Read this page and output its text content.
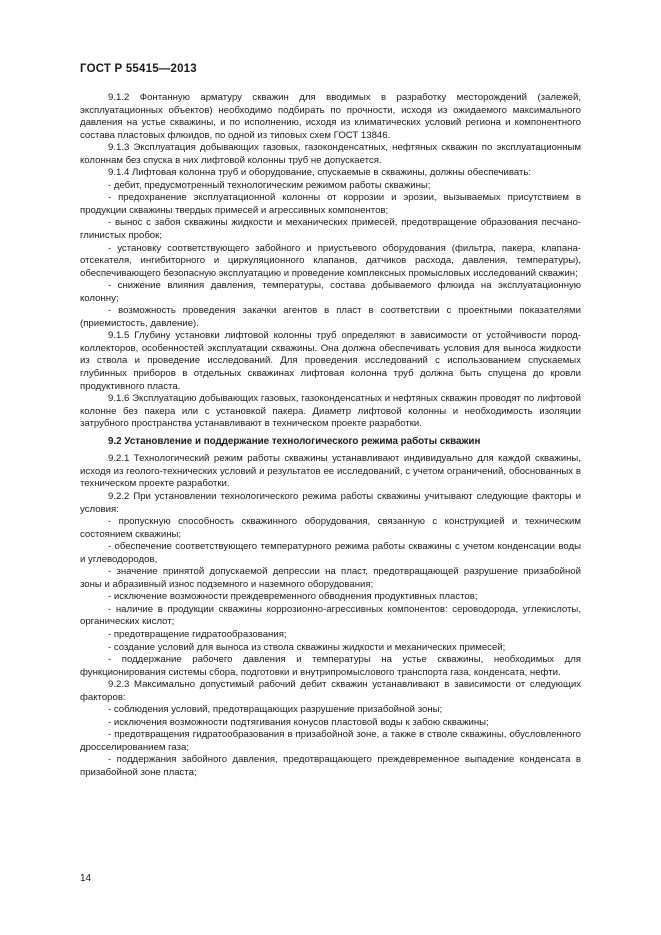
ГОСТ Р 55415—2013

9.1.2 Фонтанную арматуру скважин для вводимых в разработку месторождений (залежей, эксплуатационных объектов) необходимо подбирать по прочности, исходя из ожидаемого максимального давления на устье скважины, и по исполнению, исходя из климатических условий региона и компонентного состава пластовых флюидов, по одной из типовых схем ГОСТ 13846.

9.1.3 Эксплуатация добывающих газовых, газоконденсатных, нефтяных скважин по эксплуатационным колоннам без спуска в них лифтовой колонны труб не допускается.

9.1.4 Лифтовая колонна труб и оборудование, спускаемые в скважины, должны обеспечивать:

- дебит, предусмотренный технологическим режимом работы скважины;

- предохранение эксплуатационной колонны от коррозии и эрозии, вызываемых присутствием в продукции скважины твердых примесей и агрессивных компонентов;

- вынос с забоя скважины жидкости и механических примесей, предотвращение образования песчано-глинистых пробок;

- установку соответствующего забойного и приустьевого оборудования (фильтра, пакера, клапана-отсекателя, ингибиторного и циркуляционного клапанов, датчиков расхода, давления, температуры), обеспечивающего безопасную эксплуатацию и проведение комплексных промысловых исследований скважин;

- снижение влияния давления, температуры, состава добываемого флюида на эксплуатационную колонну;

- возможность проведения закачки агентов в пласт в соответствии с проектными показателями (приемистость, давление).

9.1.5 Глубину установки лифтовой колонны труб определяют в зависимости от устойчивости пород-коллекторов, особенностей эксплуатации скважины. Она должна обеспечивать условия для выноса жидкости из ствола и проведение исследований. Для проведения исследований с использованием спускаемых глубинных приборов в отдельных скважинах лифтовая колонна труб должна быть спущена до кровли продуктивного пласта.

9.1.6 Эксплуатацию добывающих газовых, газоконденсатных и нефтяных скважин проводят по лифтовой колонне без пакера или с установкой пакера. Диаметр лифтовой колонны и необходимость изоляции затрубного пространства устанавливают в техническом проекте разработки.

9.2 Установление и поддержание технологического режима работы скважин

9.2.1 Технологический режим работы скважины устанавливают индивидуально для каждой скважины, исходя из геолого-технических условий и результатов ее исследований, с учетом ограничений, обоснованных в техническом проекте разработки.

9.2.2 При установлении технологического режима работы скважины учитывают следующие факторы и условия:

- пропускную способность скважинного оборудования, связанную с конструкцией и техническим состоянием скважины;

- обеспечение соответствующего температурного режима работы скважины с учетом конденсации воды и углеводородов,

- значение принятой допускаемой депрессии на пласт, предотвращающей разрушение призабойной зоны и абразивный износ подземного и наземного оборудования;

- исключение возможности преждевременного обводнения продуктивных пластов;

- наличие в продукции скважины коррозионно-агрессивных компонентов: сероводорода, углекислоты, органических кислот;

- предотвращение гидратообразования;

- создание условий для выноса из ствола скважины жидкости и механических примесей;

- поддержание рабочего давления и температуры на устье скважины, необходимых для функционирования системы сбора, подготовки и внутрипромыслового транспорта газа, конденсата, нефти.

9.2.3 Максимально допустимый рабочий дебит скважин устанавливают в зависимости от следующих факторов:

- соблюдения условий, предотвращающих разрушение призабойной зоны;

- исключения возможности подтягивания конусов пластовой воды к забою скважины;

- предотвращения гидратообразования в призабойной зоне, а также в стволе скважины, обусловленного дросселированием газа;

- поддержания забойного давления, предотвращающего преждевременное выпадение конденсата в призабойной зоне пласта;

14
